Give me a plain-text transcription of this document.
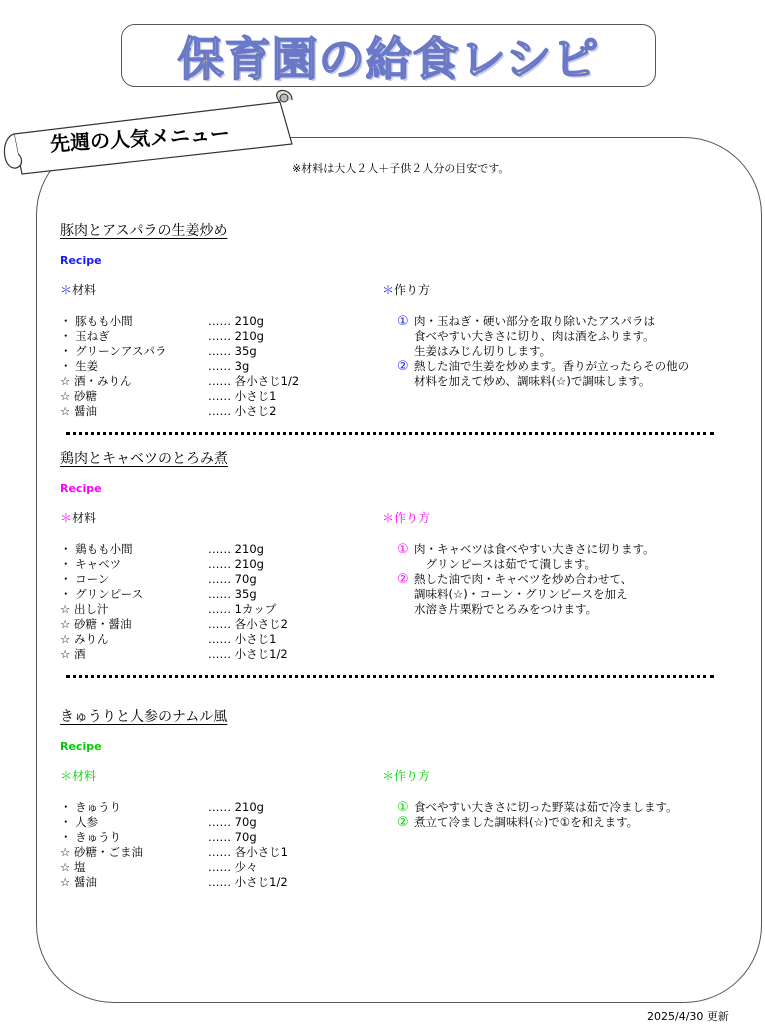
保育園の給食レシピ
先週の人気メニュー
※材料は大人２人＋子供２人分の目安です。
豚肉とアスパラの生姜炒め
Recipe
＊材料	＊作り方
・ 豚もも小間	‥‥‥ 210g
・ 玉ねぎ	‥‥‥ 210g
・ グリーンアスパラ	‥‥‥ 35g
・ 生姜	‥‥‥ 3g
☆ 酒・みりん	‥‥‥ 各小さじ1/2
☆ 砂糖	‥‥‥ 小さじ1
☆ 醤油	‥‥‥ 小さじ2
① 肉・玉ねぎ・硬い部分を取り除いたアスパラは
食べやすい大きさに切り、肉は酒をふります。
生姜はみじん切りします。
② 熱した油で生姜を炒めます。香りが立ったらその他の
材料を加えて炒め、調味料(☆)で調味します。
鶏肉とキャベツのとろみ煮
Recipe
＊材料	＊作り方
・ 鶏もも小間	‥‥‥ 210g
・ キャベツ	‥‥‥ 210g
・ コーン	‥‥‥ 70g
・ グリンピース	‥‥‥ 35g
☆ 出し汁	‥‥‥ 1カップ
☆ 砂糖・醤油	‥‥‥ 各小さじ2
☆ みりん	‥‥‥ 小さじ1
☆ 酒	‥‥‥ 小さじ1/2
① 肉・キャベツは食べやすい大きさに切ります。
　グリンピースは茹でて潰します。
② 熱した油で肉・キャベツを炒め合わせて、
調味料(☆)・コーン・グリンピースを加え
水溶き片栗粉でとろみをつけます。
きゅうりと人参のナムル風
Recipe
＊材料	＊作り方
・ きゅうり	‥‥‥ 210g
・ 人参	‥‥‥ 70g
・ きゅうり	‥‥‥ 70g
☆ 砂糖・ごま油	‥‥‥ 各小さじ1
☆ 塩	‥‥‥ 少々
☆ 醤油	‥‥‥ 小さじ1/2
① 食べやすい大きさに切った野菜は茹で冷まします。
② 煮立て冷ました調味料(☆)で①を和えます。
2025/4/30 更新
